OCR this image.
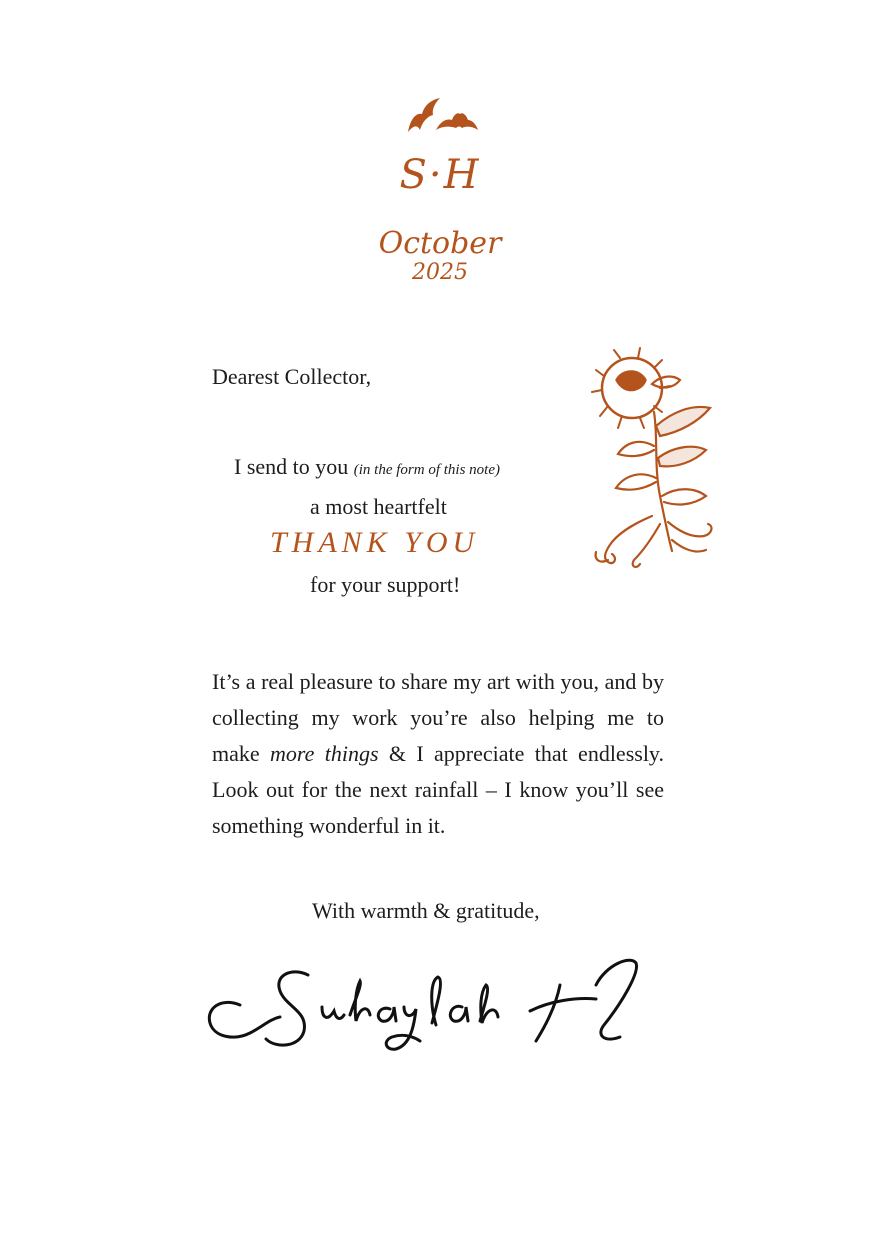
S·H
October
2025
Dearest Collector,
I send to you (in the form of this note)
a most heartfelt
THANK YOU
for your support!
It’s a real pleasure to share my art with you, and by collecting my work you’re also helping me to make more things & I appreciate that endlessly. Look out for the next rainfall – I know you’ll see something wonderful in it.
With warmth & gratitude,
